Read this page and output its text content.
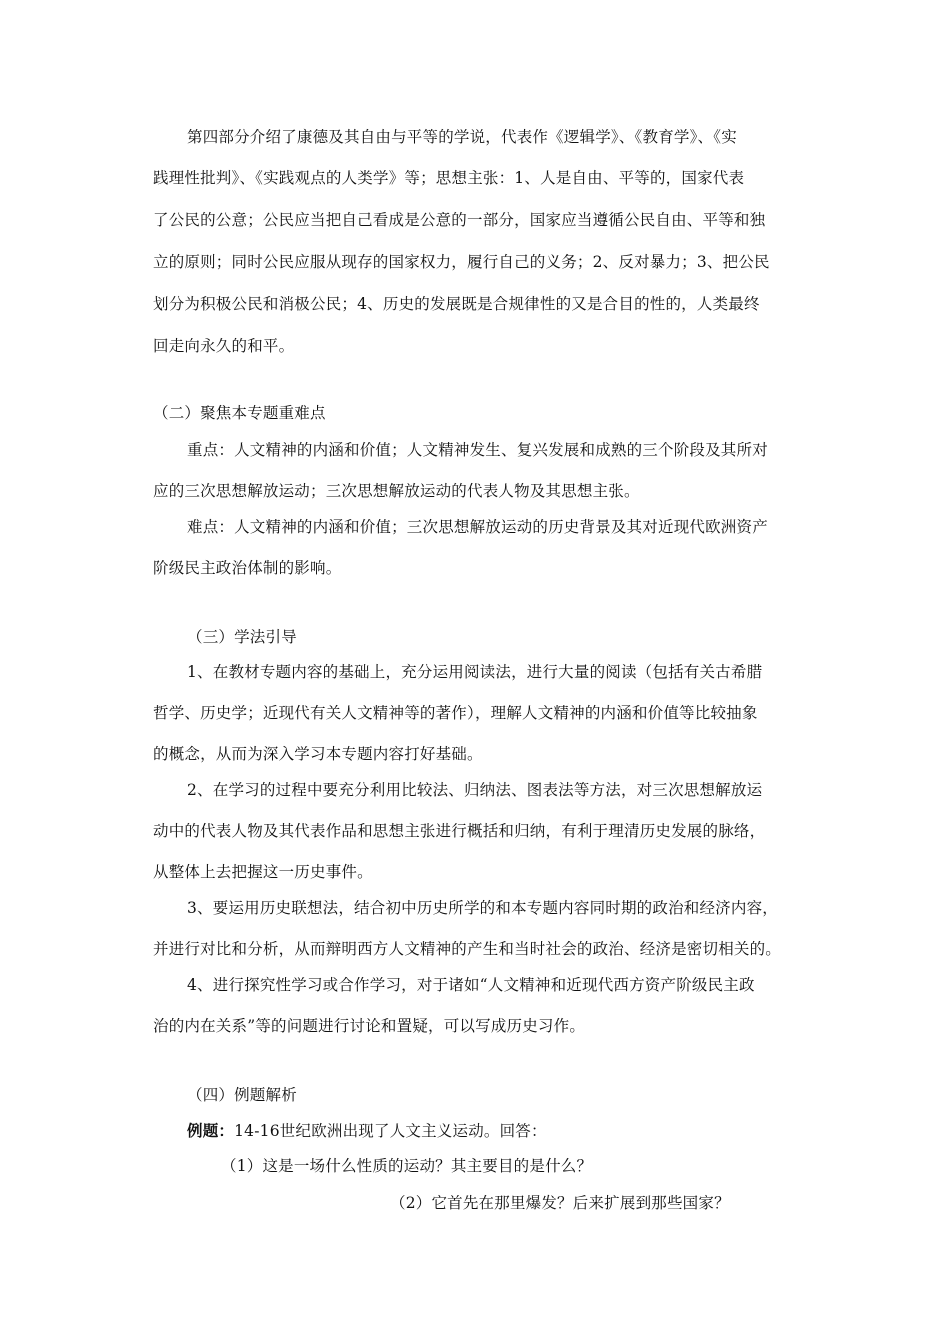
第四部分介绍了康德及其自由与平等的学说，代表作《逻辑学》、《教育学》、《实
践理性批判》、《实践观点的人类学》等；思想主张：1、人是自由、平等的，国家代表
了公民的公意；公民应当把自己看成是公意的一部分，国家应当遵循公民自由、平等和独
立的原则；同时公民应服从现存的国家权力，履行自己的义务；2、反对暴力；3、把公民
划分为积极公民和消极公民；4、历史的发展既是合规律性的又是合目的性的，人类最终
回走向永久的和平。
（二）聚焦本专题重难点
重点：人文精神的内涵和价值；人文精神发生、复兴发展和成熟的三个阶段及其所对
应的三次思想解放运动；三次思想解放运动的代表人物及其思想主张。
难点：人文精神的内涵和价值；三次思想解放运动的历史背景及其对近现代欧洲资产
阶级民主政治体制的影响。
（三）学法引导
1、在教材专题内容的基础上，充分运用阅读法，进行大量的阅读（包括有关古希腊
哲学、历史学；近现代有关人文精神等的著作），理解人文精神的内涵和价值等比较抽象
的概念，从而为深入学习本专题内容打好基础。
2、在学习的过程中要充分利用比较法、归纳法、图表法等方法，对三次思想解放运
动中的代表人物及其代表作品和思想主张进行概括和归纳，有利于理清历史发展的脉络，
从整体上去把握这一历史事件。
3、要运用历史联想法，结合初中历史所学的和本专题内容同时期的政治和经济内容，
并进行对比和分析，从而辩明西方人文精神的产生和当时社会的政治、经济是密切相关的。
4、进行探究性学习或合作学习，对于诸如“人文精神和近现代西方资产阶级民主政
治的内在关系”等的问题进行讨论和置疑，可以写成历史习作。
（四）例题解析
例题：14-16世纪欧洲出现了人文主义运动。回答：
（1）这是一场什么性质的运动？其主要目的是什么？
（2）它首先在那里爆发？后来扩展到那些国家？
